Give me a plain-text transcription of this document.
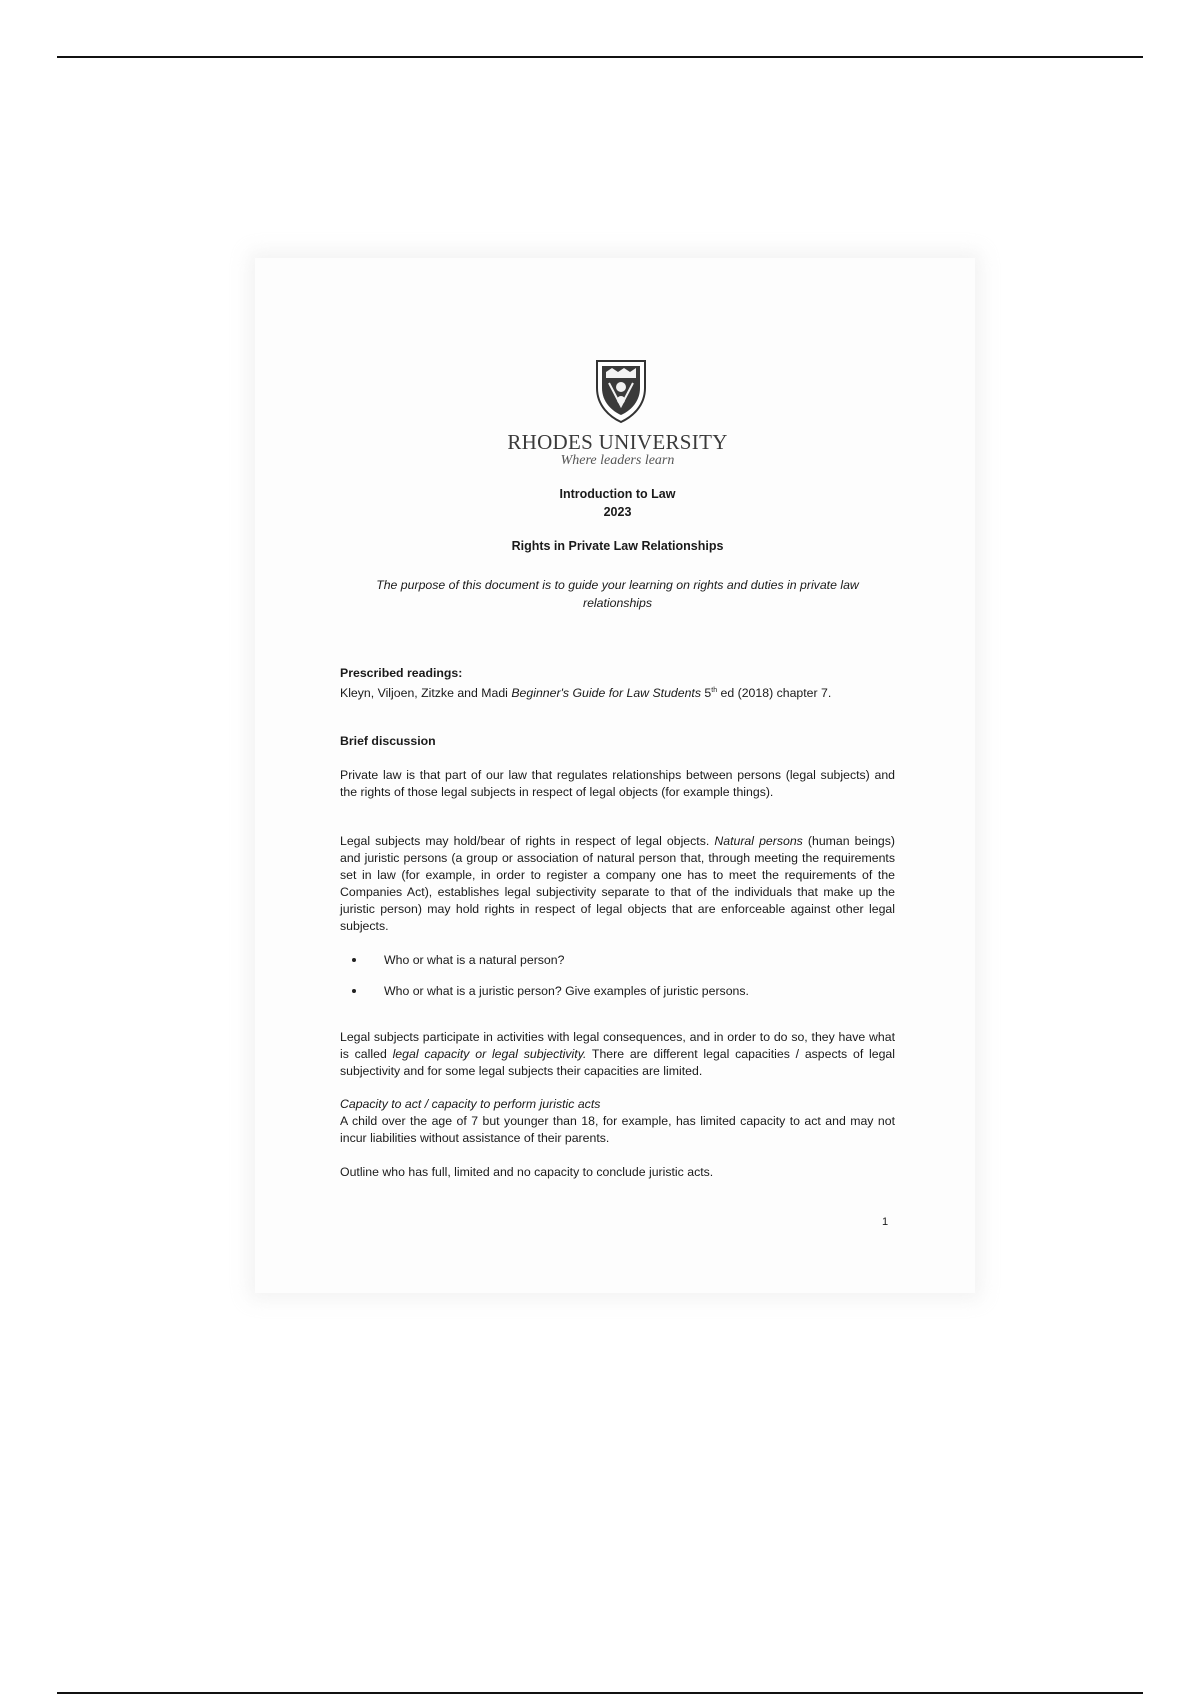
RHODES UNIVERSITY
Where leaders learn
Introduction to Law
2023
Rights in Private Law Relationships
The purpose of this document is to guide your learning on rights and duties in private law relationships

Prescribed readings:

Kleyn, Viljoen, Zitzke and Madi Beginner's Guide for Law Students 5th ed (2018) chapter 7.

Brief discussion
Private law is that part of our law that regulates relationships between persons (legal subjects) and the rights of those legal subjects in respect of legal objects (for example things).
Legal subjects may hold/bear of rights in respect of legal objects. Natural persons (human beings) and juristic persons (a group or association of natural person that, through meeting the requirements set in law (for example, in order to register a company one has to meet the requirements of the Companies Act), establishes legal subjectivity separate to that of the individuals that make up the juristic person) may hold rights in respect of legal objects that are enforceable against other legal subjects.
Who or what is a natural person?
Who or what is a juristic person? Give examples of juristic persons.
Legal subjects participate in activities with legal consequences, and in order to do so, they have what is called legal capacity or legal subjectivity. There are different legal capacities / aspects of legal subjectivity and for some legal subjects their capacities are limited.
Capacity to act / capacity to perform juristic acts
A child over the age of 7 but younger than 18, for example, has limited capacity to act and may not incur liabilities without assistance of their parents.
Outline who has full, limited and no capacity to conclude juristic acts.
1
